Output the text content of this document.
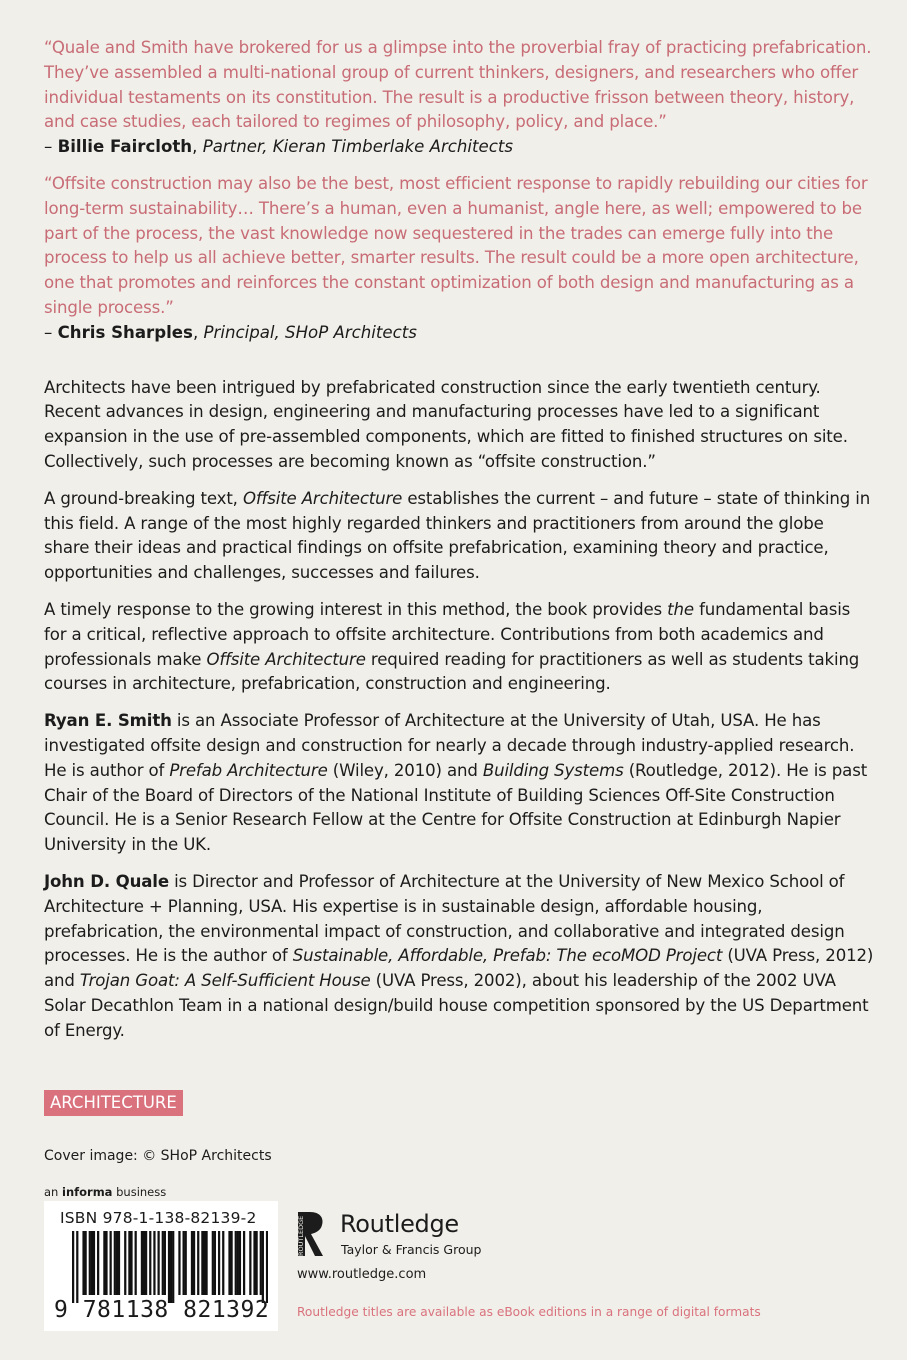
“Quale and Smith have brokered for us a glimpse into the proverbial fray of practicing prefabrication. They’ve assembled a multi-national group of current thinkers, designers, and researchers who offer individual testaments on its constitution. The result is a productive frisson between theory, history, and case studies, each tailored to regimes of philosophy, policy, and place.”

– Billie Faircloth, Partner, Kieran Timberlake Architects

“Offsite construction may also be the best, most efficient response to rapidly rebuilding our cities for long-term sustainability… There’s a human, even a humanist, angle here, as well; empowered to be part of the process, the vast knowledge now sequestered in the trades can emerge fully into the process to help us all achieve better, smarter results. The result could be a more open architecture, one that promotes and reinforces the constant optimization of both design and manufacturing as a single process.”

– Chris Sharples, Principal, SHoP Architects

Architects have been intrigued by prefabricated construction since the early twentieth century. Recent advances in design, engineering and manufacturing processes have led to a significant expansion in the use of pre-assembled components, which are fitted to finished structures on site. Collectively, such processes are becoming known as “offsite construction.”

A ground-breaking text, Offsite Architecture establishes the current – and future – state of thinking in this field. A range of the most highly regarded thinkers and practitioners from around the globe share their ideas and practical findings on offsite prefabrication, examining theory and practice, opportunities and challenges, successes and failures.

A timely response to the growing interest in this method, the book provides the fundamental basis for a critical, reflective approach to offsite architecture. Contributions from both academics and professionals make Offsite Architecture required reading for practitioners as well as students taking courses in architecture, prefabrication, construction and engineering.

Ryan E. Smith is an Associate Professor of Architecture at the University of Utah, USA. He has investigated offsite design and construction for nearly a decade through industry-applied research. He is author of Prefab Architecture (Wiley, 2010) and Building Systems (Routledge, 2012). He is past Chair of the Board of Directors of the National Institute of Building Sciences Off-Site Construction Council. He is a Senior Research Fellow at the Centre for Offsite Construction at Edinburgh Napier University in the UK.

John D. Quale is Director and Professor of Architecture at the University of New Mexico School of Architecture + Planning, USA. His expertise is in sustainable design, affordable housing, prefabrication, the environmental impact of construction, and collaborative and integrated design processes. He is the author of Sustainable, Affordable, Prefab: The ecoMOD Project (UVA Press, 2012) and Trojan Goat: A Self-Sufficient House (UVA Press, 2002), about his leadership of the 2002 UVA Solar Decathlon Team in a national design/build house competition sponsored by the US Department of Energy.

ARCHITECTURE
Cover image: © SHoP Architects
an informa business
ISBN 978-1-138-82139-2
9 781138 821392
ROUTLEDGE Routledge
Taylor & Francis Group
www.routledge.com
Routledge titles are available as eBook editions in a range of digital formats
